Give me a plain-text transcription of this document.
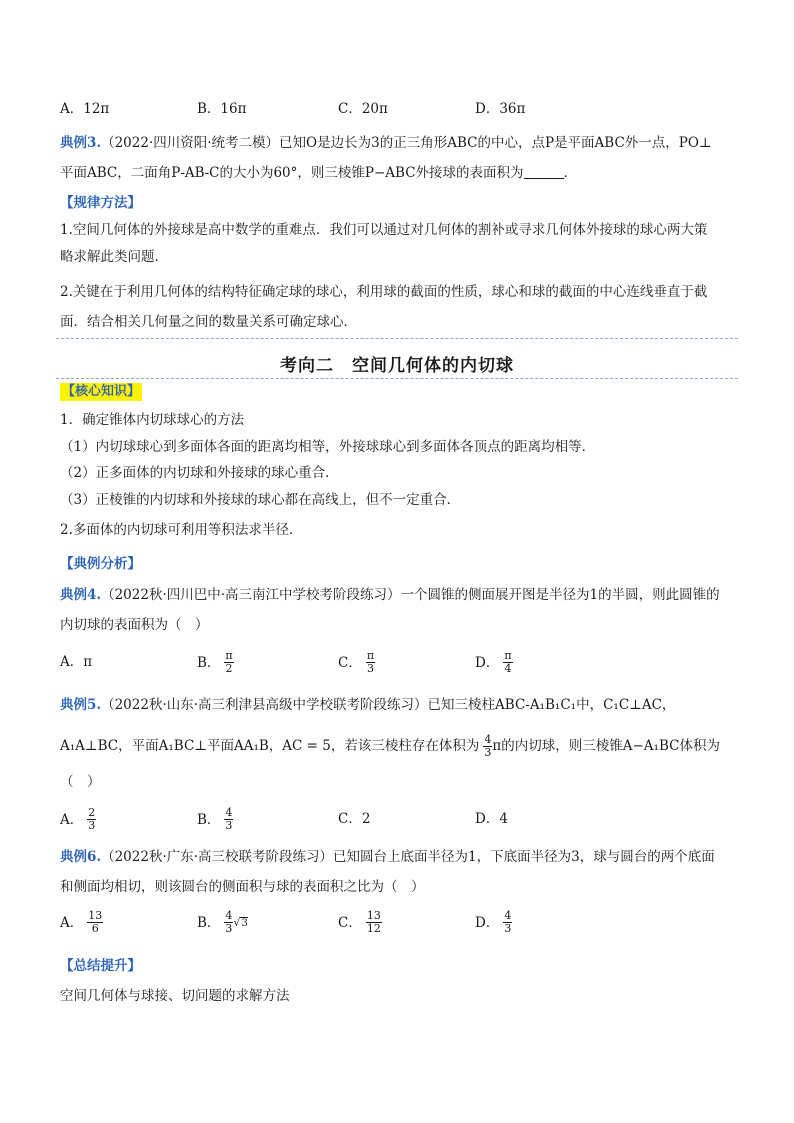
A．12π	B．16π	C．20π	D．36π
典例3.（2022·四川资阳·统考二模）已知O是边长为3的正三角形ABC的中心，点P是平面ABC外一点，PO⊥
平面ABC，二面角P‑AB‑C的大小为60°，则三棱锥P−ABC外接球的表面积为	．
【规律方法】
1.空间几何体的外接球是高中数学的重难点．我们可以通过对几何体的割补或寻求几何体外接球的球心两大策
略求解此类问题．
2.关键在于利用几何体的结构特征确定球的球心，利用球的截面的性质，球心和球的截面的中心连线垂直于截
面．结合相关几何量之间的数量关系可确定球心．
考向二　空间几何体的内切球
【核心知识】
1．确定锥体内切球球心的方法
（1）内切球球心到多面体各面的距离均相等，外接球球心到多面体各顶点的距离均相等．
（2）正多面体的内切球和外接球的球心重合．
（3）正棱锥的内切球和外接球的球心都在高线上，但不一定重合．
2.多面体的内切球可利用等积法求半径．
【典例分析】
典例4.（2022秋·四川巴中·高三南江中学校考阶段练习）一个圆锥的侧面展开图是半径为1的半圆，则此圆锥的
内切球的表面积为（　）
A．π	B． $\frac{\pi}{2}$	C． $\frac{\pi}{3}$	D． $\frac{\pi}{4}$
典例5.（2022秋·山东·高三利津县高级中学校联考阶段练习）已知三棱柱ABC‑A₁B₁C₁中，C₁C⊥AC，
A₁A⊥BC，平面A₁BC⊥平面AA₁B，AC = 5，若该三棱柱存在体积为 $\frac{4}{3}$ π的内切球，则三棱锥A−A₁BC体积为
（　）
A． $\frac{2}{3}$	B． $\frac{4}{3}$	C．2	D．4
典例6.（2022秋·广东·高三校联考阶段练习）已知圆台上底面半径为1，下底面半径为3，球与圆台的两个底面
和侧面均相切，则该圆台的侧面积与球的表面积之比为（　）
A． $\frac{13}{6}$	B． $\frac{4}{3} √3$	C． $\frac{13}{12}$	D． $\frac{4}{3}$
【总结提升】
空间几何体与球接、切问题的求解方法
